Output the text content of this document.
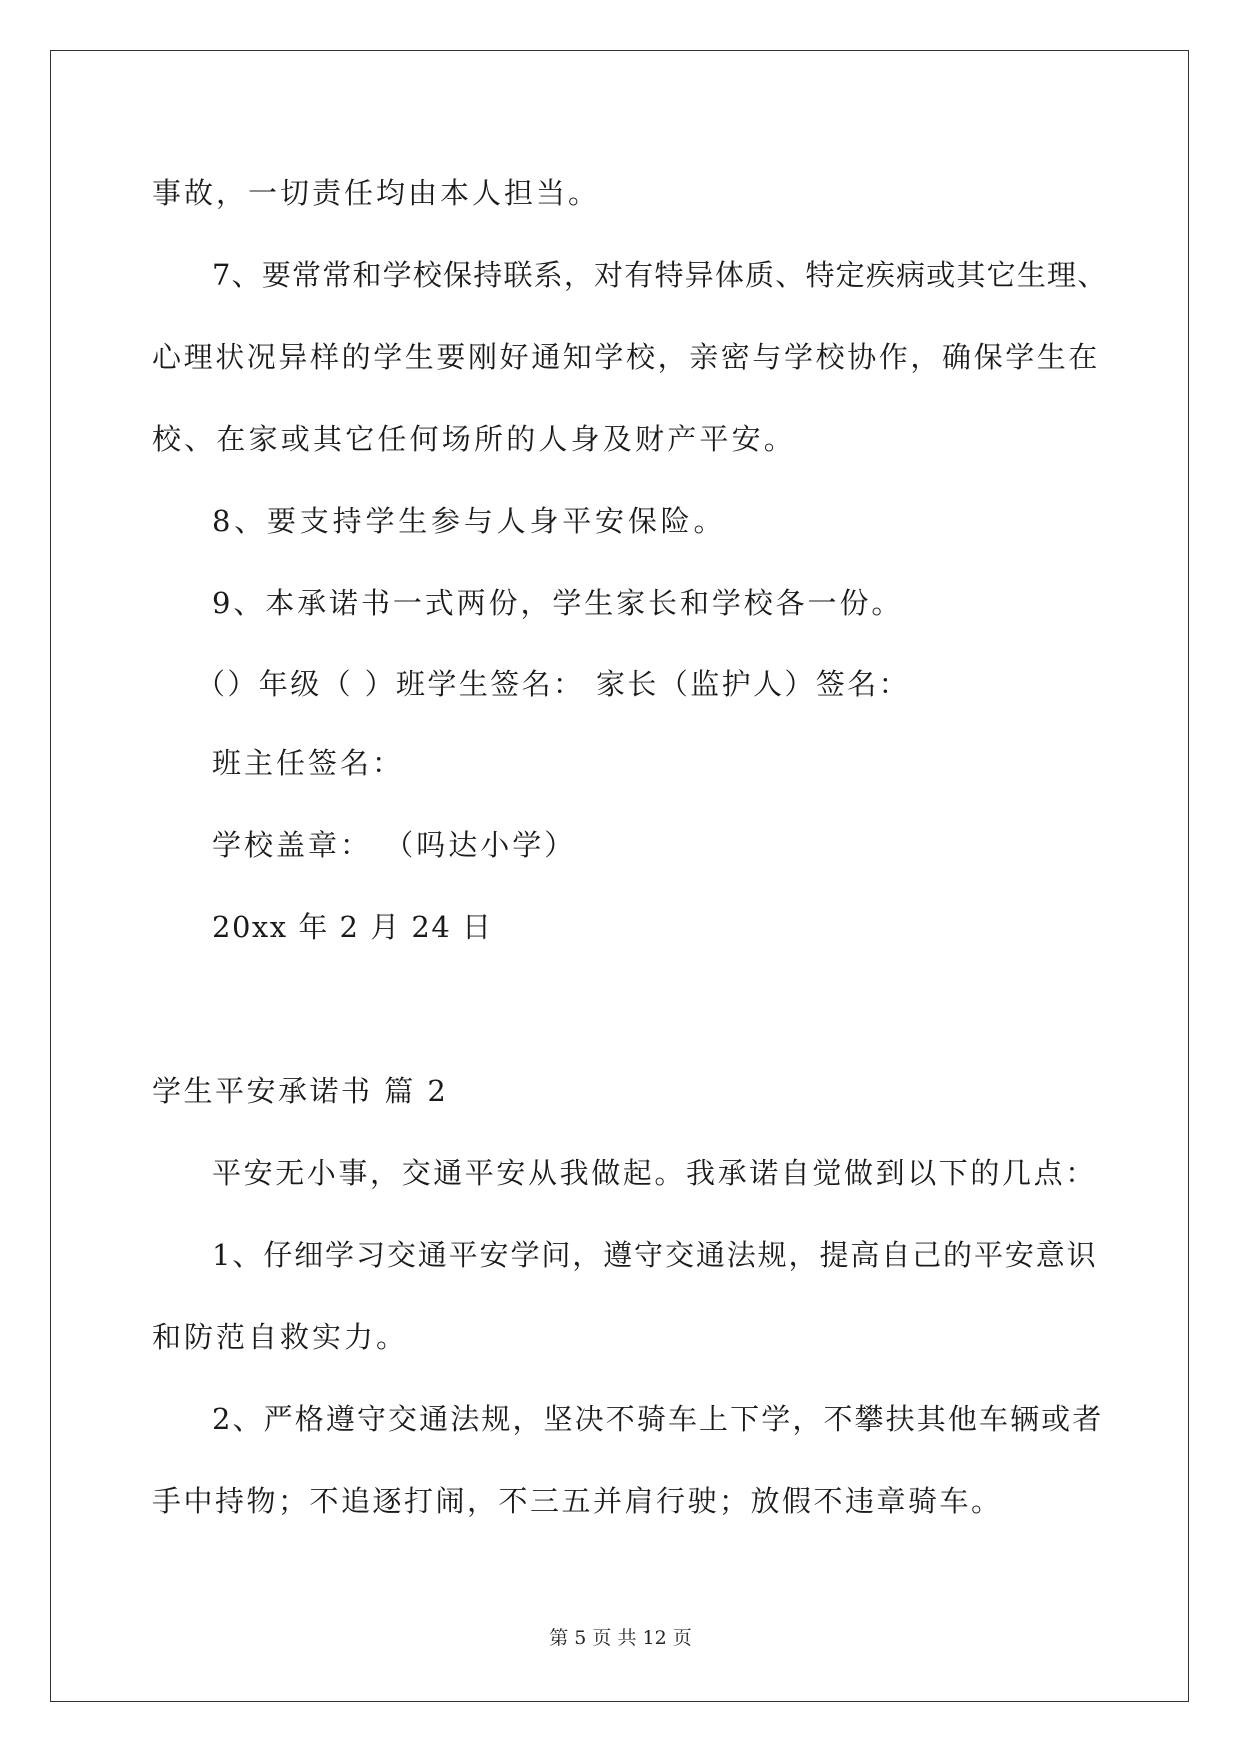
事故，一切责任均由本人担当。
7、要常常和学校保持联系，对有特异体质、特定疾病或其它生理、
心理状况异样的学生要刚好通知学校，亲密与学校协作，确保学生在
校、在家或其它任何场所的人身及财产平安。
8、要支持学生参与人身平安保险。
9、本承诺书一式两份，学生家长和学校各一份。
（）年级（ ）班学生签名： 家长（监护人）签名：
班主任签名：
学校盖章： （吗达小学）
20xx 年 2 月 24 日
学生平安承诺书 篇 2
平安无小事，交通平安从我做起。我承诺自觉做到以下的几点：
1、仔细学习交通平安学问，遵守交通法规，提高自己的平安意识
和防范自救实力。
2、严格遵守交通法规，坚决不骑车上下学，不攀扶其他车辆或者
手中持物；不追逐打闹，不三五并肩行驶；放假不违章骑车。
第 5 页 共 12 页
